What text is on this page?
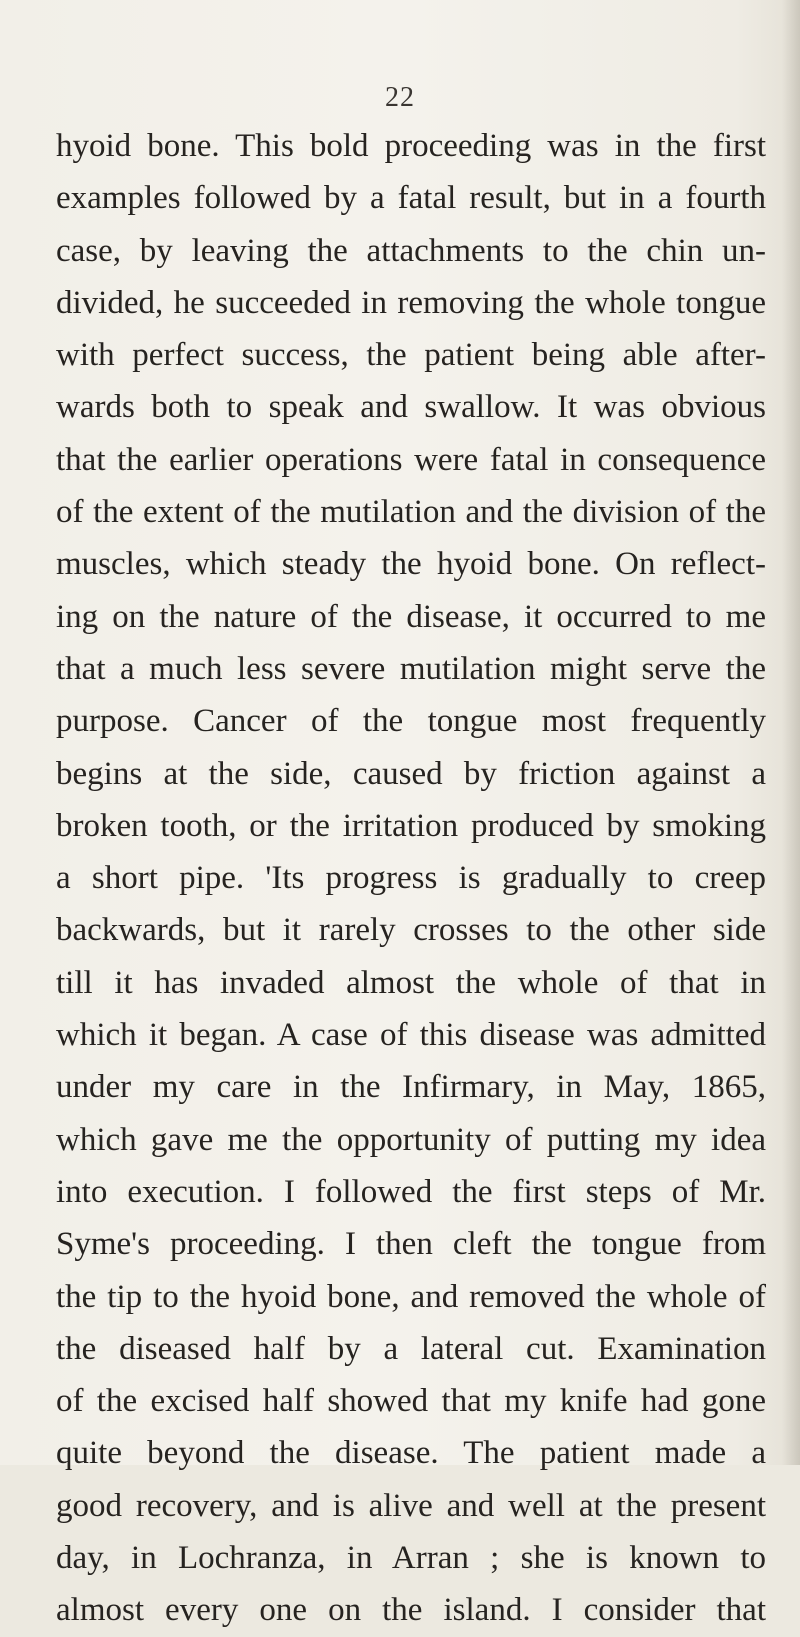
22
hyoid bone. This bold proceeding was in the first
examples followed by a fatal result, but in a fourth
case, by leaving the attachments to the chin un-
divided, he succeeded in removing the whole tongue
with perfect success, the patient being able after-
wards both to speak and swallow. It was obvious
that the earlier operations were fatal in consequence
of the extent of the mutilation and the division of the
muscles, which steady the hyoid bone. On reflect-
ing on the nature of the disease, it occurred to me
that a much less severe mutilation might serve the
purpose. Cancer of the tongue most frequently
begins at the side, caused by friction against a
broken tooth, or the irritation produced by smoking
a short pipe. 'Its progress is gradually to creep
backwards, but it rarely crosses to the other side
till it has invaded almost the whole of that in
which it began. A case of this disease was admitted
under my care in the Infirmary, in May, 1865,
which gave me the opportunity of putting my idea
into execution. I followed the first steps of Mr.
Syme's proceeding. I then cleft the tongue from
the tip to the hyoid bone, and removed the whole of
the diseased half by a lateral cut. Examination
of the excised half showed that my knife had gone
quite beyond the disease. The patient made a
good recovery, and is alive and well at the present
day, in Lochranza, in Arran ; she is known to
almost every one on the island. I consider that
